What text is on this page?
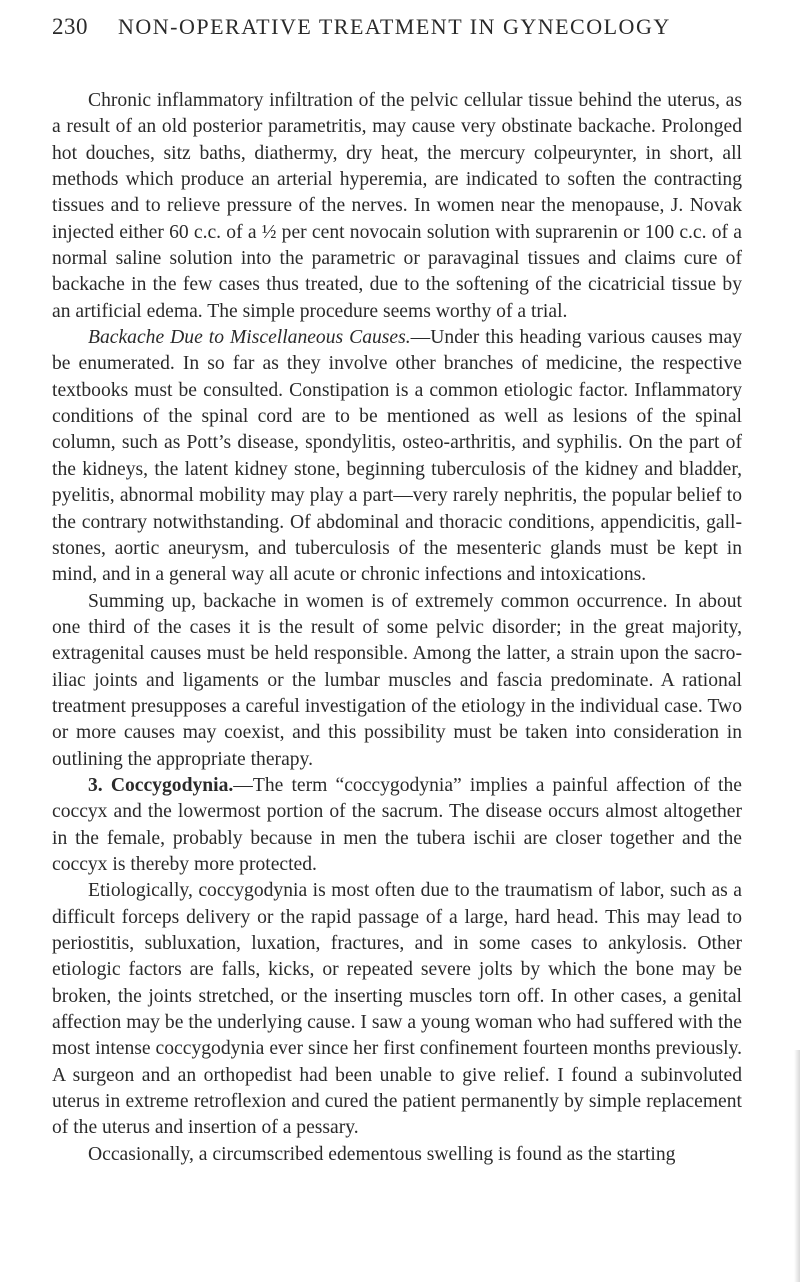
230 NON-OPERATIVE TREATMENT IN GYNECOLOGY

Chronic inflammatory infiltration of the pelvic cellular tissue behind the uterus, as a result of an old posterior parametritis, may cause very obstinate backache. Prolonged hot douches, sitz baths, diathermy, dry heat, the mercury colpeurynter, in short, all methods which produce an arterial hyperemia, are indicated to soften the contracting tissues and to relieve pressure of the nerves. In women near the menopause, J. Novak injected either 60 c.c. of a ½ per cent novocain solution with suprarenin or 100 c.c. of a normal saline solution into the parametric or paravaginal tissues and claims cure of backache in the few cases thus treated, due to the softening of the cicatricial tissue by an artificial edema. The simple procedure seems worthy of a trial.

Backache Due to Miscellaneous Causes.—Under this heading various causes may be enumerated. In so far as they involve other branches of medicine, the respective textbooks must be consulted. Constipation is a common etiologic factor. Inflammatory conditions of the spinal cord are to be mentioned as well as lesions of the spinal column, such as Pott’s disease, spondylitis, osteo-arthritis, and syphilis. On the part of the kidneys, the latent kidney stone, beginning tuberculosis of the kidney and bladder, pyelitis, abnormal mobility may play a part—very rarely nephritis, the popular belief to the contrary notwithstanding. Of abdominal and thoracic conditions, appendicitis, gall-stones, aortic aneurysm, and tuberculosis of the mesenteric glands must be kept in mind, and in a general way all acute or chronic infections and intoxications.

Summing up, backache in women is of extremely common occurrence. In about one third of the cases it is the result of some pelvic disorder; in the great majority, extragenital causes must be held responsible. Among the latter, a strain upon the sacro-iliac joints and ligaments or the lumbar muscles and fascia predominate. A rational treatment presupposes a careful investigation of the etiology in the individual case. Two or more causes may coexist, and this possibility must be taken into consideration in outlining the appropriate therapy.

3. Coccygodynia.—The term “coccygodynia” implies a painful affection of the coccyx and the lowermost portion of the sacrum. The disease occurs almost altogether in the female, probably because in men the tubera ischii are closer together and the coccyx is thereby more protected.

Etiologically, coccygodynia is most often due to the traumatism of labor, such as a difficult forceps delivery or the rapid passage of a large, hard head. This may lead to periostitis, subluxation, luxation, fractures, and in some cases to ankylosis. Other etiologic factors are falls, kicks, or repeated severe jolts by which the bone may be broken, the joints stretched, or the inserting muscles torn off. In other cases, a genital affection may be the underlying cause. I saw a young woman who had suffered with the most intense coccygodynia ever since her first confinement fourteen months previously. A surgeon and an orthopedist had been unable to give relief. I found a subinvoluted uterus in extreme retroflexion and cured the patient permanently by simple replacement of the uterus and insertion of a pessary.

Occasionally, a circumscribed edementous swelling is found as the starting
